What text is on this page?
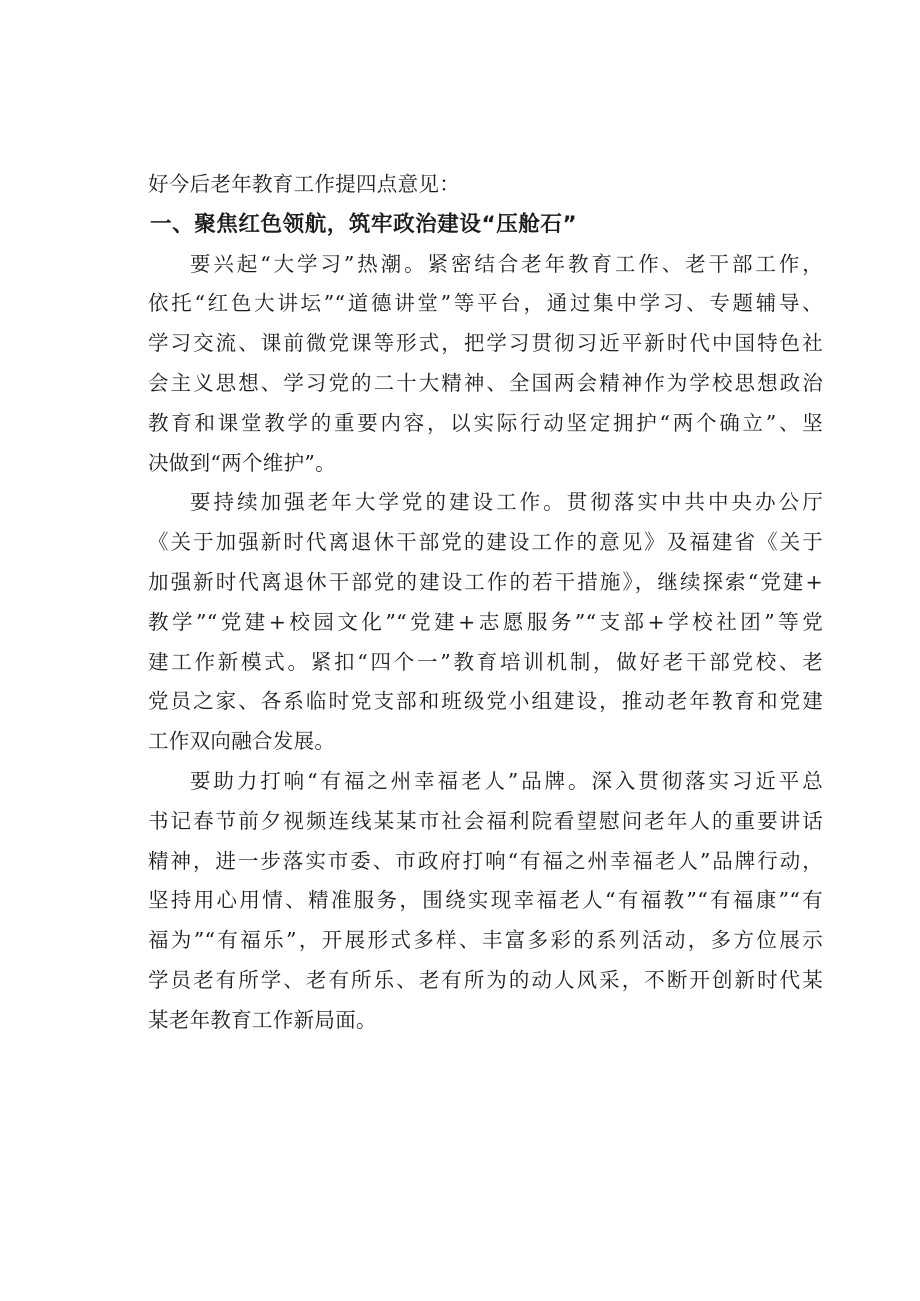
好今后老年教育工作提四点意见：
一、聚焦红色领航，筑牢政治建设“压舱石”
要兴起“大学习”热潮。紧密结合老年教育工作、老干部工作，
依托“红色大讲坛”“道德讲堂”等平台，通过集中学习、专题辅导、
学习交流、课前微党课等形式，把学习贯彻习近平新时代中国特色社
会主义思想、学习党的二十大精神、全国两会精神作为学校思想政治
教育和课堂教学的重要内容，以实际行动坚定拥护“两个确立”、坚
决做到“两个维护”。
要持续加强老年大学党的建设工作。贯彻落实中共中央办公厅
《关于加强新时代离退休干部党的建设工作的意见》及福建省《关于
加强新时代离退休干部党的建设工作的若干措施》，继续探索“党建+
教学”“党建+校园文化”“党建+志愿服务”“支部+学校社团”等党
建工作新模式。紧扣“四个一”教育培训机制，做好老干部党校、老
党员之家、各系临时党支部和班级党小组建设，推动老年教育和党建
工作双向融合发展。
要助力打响“有福之州幸福老人”品牌。深入贯彻落实习近平总
书记春节前夕视频连线某某市社会福利院看望慰问老年人的重要讲话
精神，进一步落实市委、市政府打响“有福之州幸福老人”品牌行动，
坚持用心用情、精准服务，围绕实现幸福老人“有福教”“有福康”“有
福为”“有福乐”，开展形式多样、丰富多彩的系列活动，多方位展示
学员老有所学、老有所乐、老有所为的动人风采，不断开创新时代某
某老年教育工作新局面。
